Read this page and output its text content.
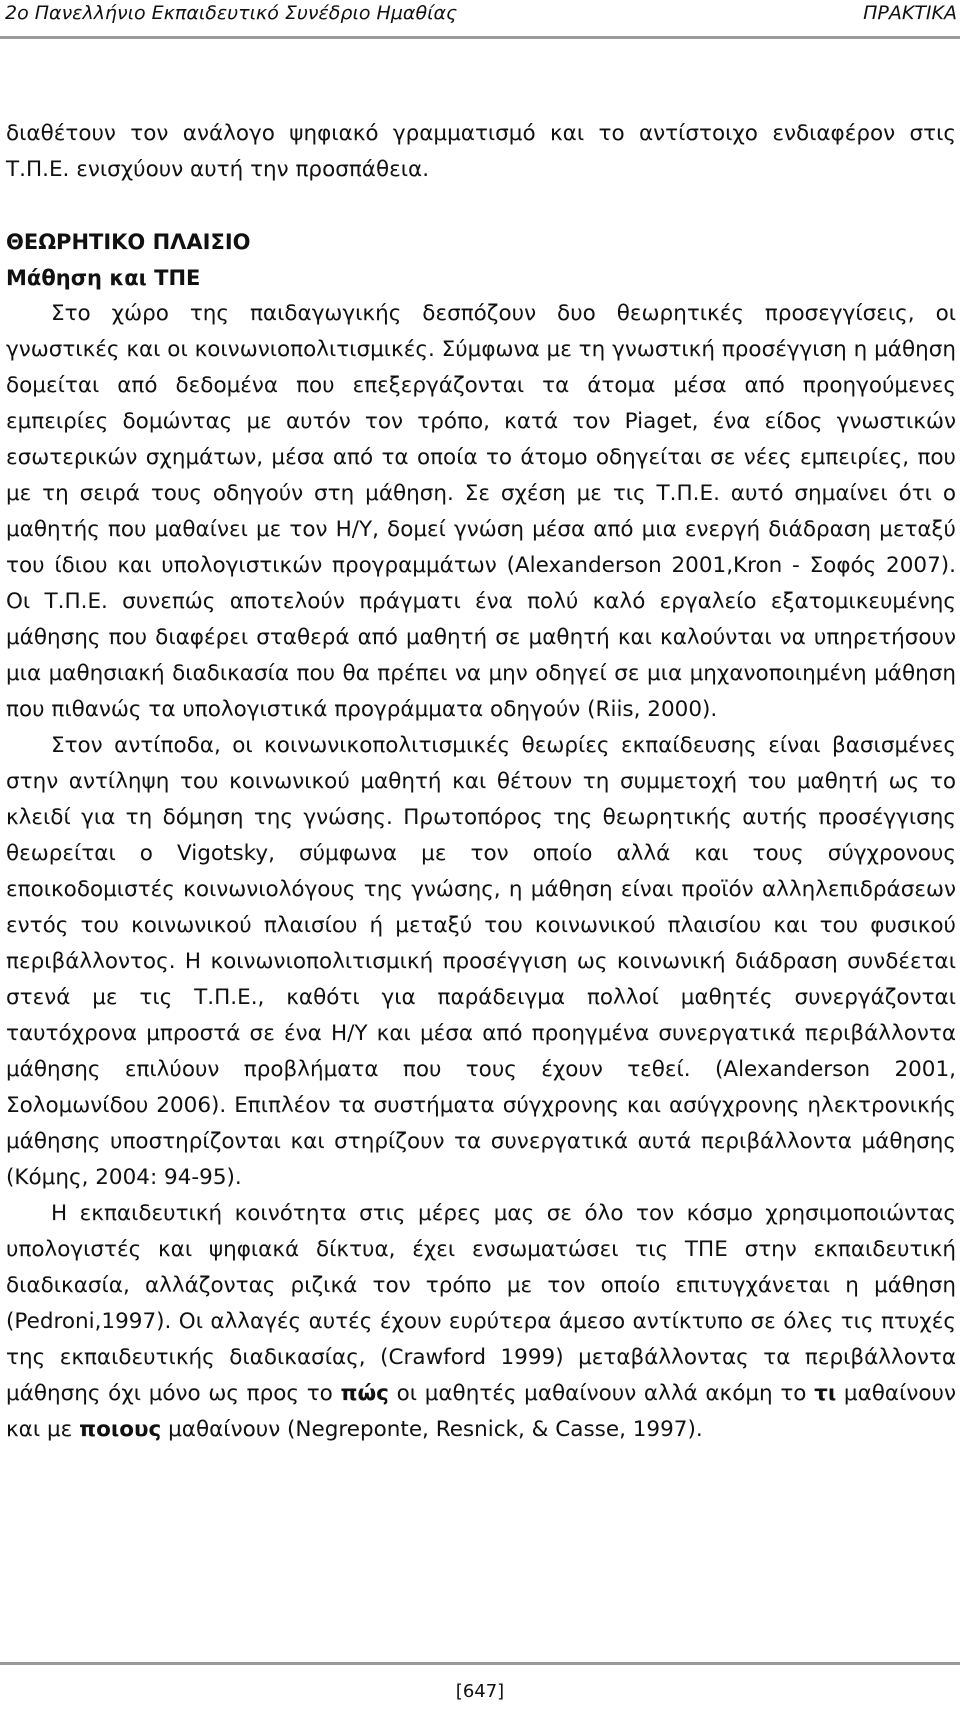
2ο Πανελλήνιο Εκπαιδευτικό Συνέδριο Ημαθίας	ΠΡΑΚΤΙΚΑ

διαθέτουν τον ανάλογο ψηφιακό γραμματισμό και το αντίστοιχο ενδιαφέρον στις Τ.Π.Ε. ενισχύουν αυτή την προσπάθεια.

ΘΕΩΡΗΤΙΚΟ ΠΛΑΙΣΙΟ

Μάθηση και ΤΠΕ

Στο χώρο της παιδαγωγικής δεσπόζουν δυο θεωρητικές προσεγγίσεις, οι γνωστικές και οι κοινωνιοπολιτισμικές. Σύμφωνα με τη γνωστική προσέγγιση η μάθηση δομείται από δεδομένα που επεξεργάζονται τα άτομα μέσα από προηγούμενες εμπειρίες δομώντας με αυτόν τον τρόπο, κατά τον Piaget, ένα είδος γνωστικών εσωτερικών σχημάτων, μέσα από τα οποία το άτομο οδηγείται σε νέες εμπειρίες, που με τη σειρά τους οδηγούν στη μάθηση. Σε σχέση με τις Τ.Π.Ε. αυτό σημαίνει ότι ο μαθητής που μαθαίνει με τον Η/Υ, δομεί γνώση μέσα από μια ενεργή διάδραση μεταξύ του ίδιου και υπολογιστικών προγραμμάτων (Alexanderson 2001,Kron - Σοφός 2007). Οι Τ.Π.Ε. συνεπώς αποτελούν πράγματι ένα πολύ καλό εργαλείο εξατομικευμένης μάθησης που διαφέρει σταθερά από μαθητή σε μαθητή και καλούνται να υπηρετήσουν μια μαθησιακή διαδικασία που θα πρέπει να μην οδηγεί σε μια μηχανοποιημένη μάθηση που πιθανώς τα υπολογιστικά προγράμματα οδηγούν (Riis, 2000).

Στον αντίποδα, οι κοινωνικοπολιτισμικές θεωρίες εκπαίδευσης είναι βασισμένες στην αντίληψη του κοινωνικού μαθητή και θέτουν τη συμμετοχή του μαθητή ως το κλειδί για τη δόμηση της γνώσης. Πρωτοπόρος της θεωρητικής αυτής προσέγγισης θεωρείται ο Vigotsky, σύμφωνα με τον οποίο αλλά και τους σύγχρονους εποικοδομιστές κοινωνιολόγους της γνώσης, η μάθηση είναι προϊόν αλληλεπιδράσεων εντός του κοινωνικού πλαισίου ή μεταξύ του κοινωνικού πλαισίου και του φυσικού περιβάλλοντος. Η κοινωνιοπολιτισμική προσέγγιση ως κοινωνική διάδραση συνδέεται στενά με τις Τ.Π.Ε., καθότι για παράδειγμα πολλοί μαθητές συνεργάζονται ταυτόχρονα μπροστά σε ένα Η/Υ και μέσα από προηγμένα συνεργατικά περιβάλλοντα μάθησης επιλύουν προβλήματα που τους έχουν τεθεί. (Alexanderson 2001, Σολομωνίδου 2006). Επιπλέον τα συστήματα σύγχρονης και ασύγχρονης ηλεκτρονικής μάθησης υποστηρίζονται και στηρίζουν τα συνεργατικά αυτά περιβάλλοντα μάθησης (Κόμης, 2004: 94-95).

Η εκπαιδευτική κοινότητα στις μέρες μας σε όλο τον κόσμο χρησιμοποιώντας υπολογιστές και ψηφιακά δίκτυα, έχει ενσωματώσει τις ΤΠΕ στην εκπαιδευτική διαδικασία, αλλάζοντας ριζικά τον τρόπο με τον οποίο επιτυγχάνεται η μάθηση (Pedroni,1997). Οι αλλαγές αυτές έχουν ευρύτερα άμεσο αντίκτυπο σε όλες τις πτυχές της εκπαιδευτικής διαδικασίας, (Crawford 1999) μεταβάλλοντας τα περιβάλλοντα μάθησης όχι μόνο ως προς το πώς οι μαθητές μαθαίνουν αλλά ακόμη το τι μαθαίνουν και με ποιους μαθαίνουν (Negreponte, Resnick, & Casse, 1997).

[647]
